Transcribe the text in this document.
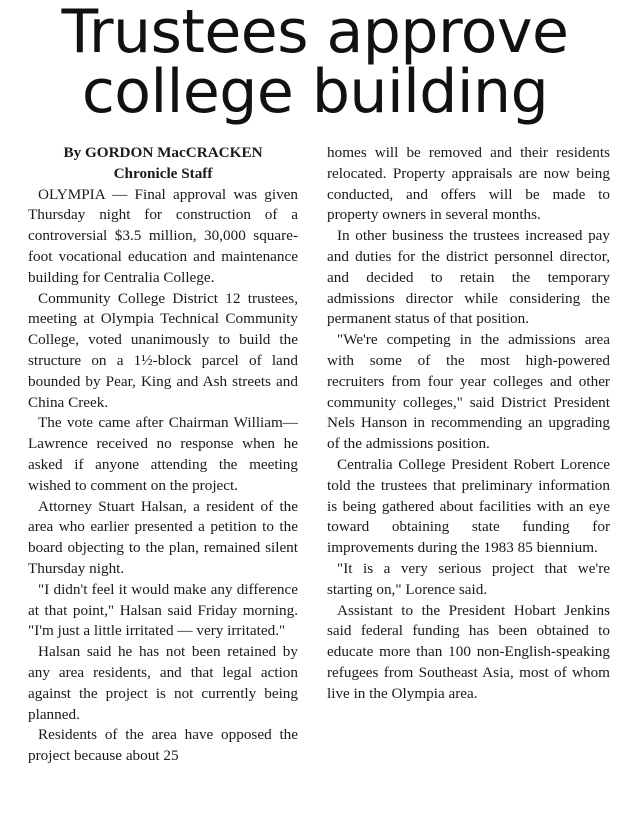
Trustees approve
college building
By GORDON MacCRACKEN
Chronicle Staff
OLYMPIA — Final approval was given Thursday night for construction of a controversial $3.5 million, 30,000 square-foot vocational education and maintenance building for Centralia College.
Community College District 12 trustees, meeting at Olympia Technical Community College, voted unanimously to build the structure on a 1½-block parcel of land bounded by Pear, King and Ash streets and China Creek.
The vote came after Chairman William—Lawrence received no response when he asked if anyone attending the meeting wished to comment on the project.
Attorney Stuart Halsan, a resident of the area who earlier presented a petition to the board objecting to the plan, remained silent Thursday night.
"I didn't feel it would make any difference at that point," Halsan said Friday morning. "I'm just a little irritated — very irritated."
Halsan said he has not been retained by any area residents, and that legal action against the project is not currently being planned.
Residents of the area have opposed the project because about 25
homes will be removed and their residents relocated. Property appraisals are now being conducted, and offers will be made to property owners in several months.
In other business the trustees increased pay and duties for the district personnel director, and decided to retain the temporary admissions director while considering the permanent status of that position.
"We're competing in the admissions area with some of the most high-powered recruiters from four year colleges and other community colleges," said District President Nels Hanson in recommending an upgrading of the admissions position.
Centralia College President Robert Lorence told the trustees that preliminary information is being gathered about facilities with an eye toward obtaining state funding for improvements during the 1983 85 biennium.
"It is a very serious project that we're starting on," Lorence said.
Assistant to the President Hobart Jenkins said federal funding has been obtained to educate more than 100 non-English-speaking refugees from Southeast Asia, most of whom live in the Olympia area.
